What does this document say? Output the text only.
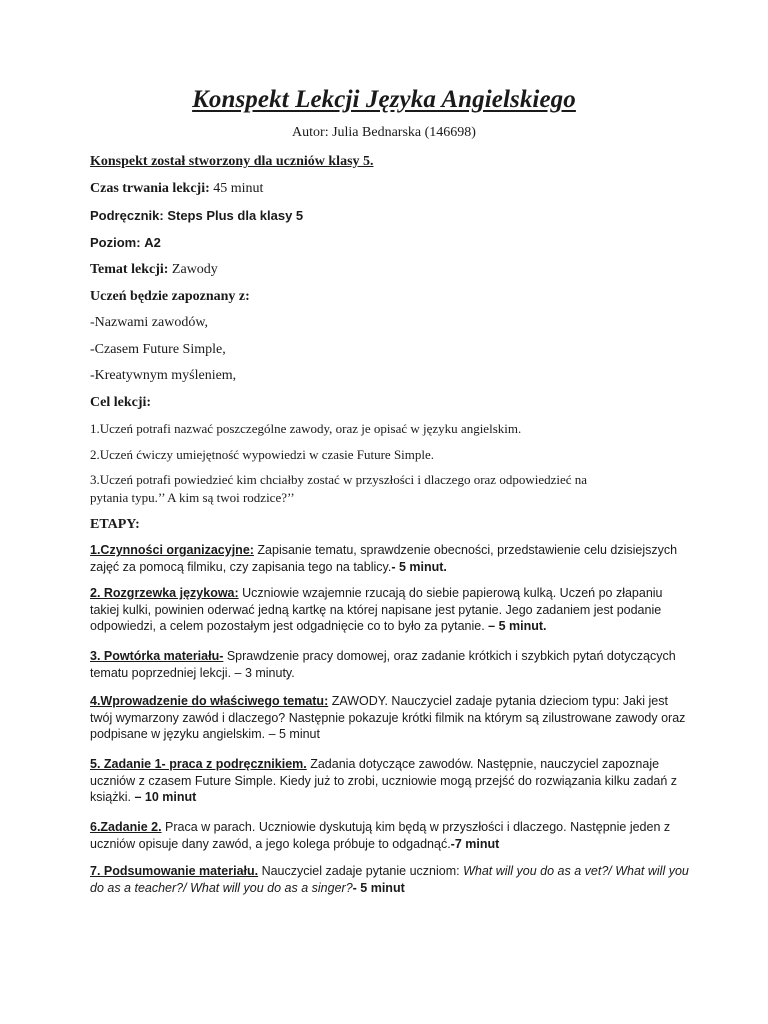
Konspekt Lekcji Języka Angielskiego
Autor: Julia Bednarska (146698)
Konspekt został stworzony dla uczniów klasy 5.
Czas trwania lekcji: 45 minut
Podręcznik: Steps Plus dla klasy 5
Poziom: A2
Temat lekcji: Zawody
Uczeń będzie zapoznany z:
-Nazwami zawodów,
-Czasem Future Simple,
-Kreatywnym myśleniem,
Cel lekcji:
1.Uczeń potrafi nazwać poszczególne zawody, oraz je opisać w języku angielskim.
2.Uczeń ćwiczy umiejętność wypowiedzi w czasie Future Simple.
3.Uczeń potrafi powiedzieć kim chciałby zostać w przyszłości i dlaczego oraz odpowiedzieć na
pytania typu.’’ A kim są twoi rodzice?’’
ETAPY:
1.Czynności organizacyjne: Zapisanie tematu, sprawdzenie obecności, przedstawienie celu dzisiejszych zajęć za pomocą filmiku, czy zapisania tego na tablicy.- 5 minut.
2. Rozgrzewka językowa: Uczniowie wzajemnie rzucają do siebie papierową kulką. Uczeń po złapaniu takiej kulki, powinien oderwać jedną kartkę na której napisane jest pytanie. Jego zadaniem jest podanie odpowiedzi, a celem pozostałym jest odgadnięcie co to było za pytanie. – 5 minut.
3. Powtórka materiału- Sprawdzenie pracy domowej, oraz zadanie krótkich i szybkich pytań dotyczących tematu poprzedniej lekcji. – 3 minuty.
4.Wprowadzenie do właściwego tematu: ZAWODY. Nauczyciel zadaje pytania dzieciom typu: Jaki jest twój wymarzony zawód i dlaczego? Następnie pokazuje krótki filmik na którym są zilustrowane zawody oraz podpisane w języku angielskim. – 5 minut
5. Zadanie 1- praca z podręcznikiem. Zadania dotyczące zawodów. Następnie, nauczyciel zapoznaje uczniów z czasem Future Simple. Kiedy już to zrobi, uczniowie mogą przejść do rozwiązania kilku zadań z książki. – 10 minut
6.Zadanie 2. Praca w parach. Uczniowie dyskutują kim będą w przyszłości i dlaczego. Następnie jeden z uczniów opisuje dany zawód, a jego kolega próbuje to odgadnąć.-7 minut
7. Podsumowanie materiału. Nauczyciel zadaje pytanie uczniom: What will you do as a vet?/ What will you do as a teacher?/ What will you do as a singer?- 5 minut
